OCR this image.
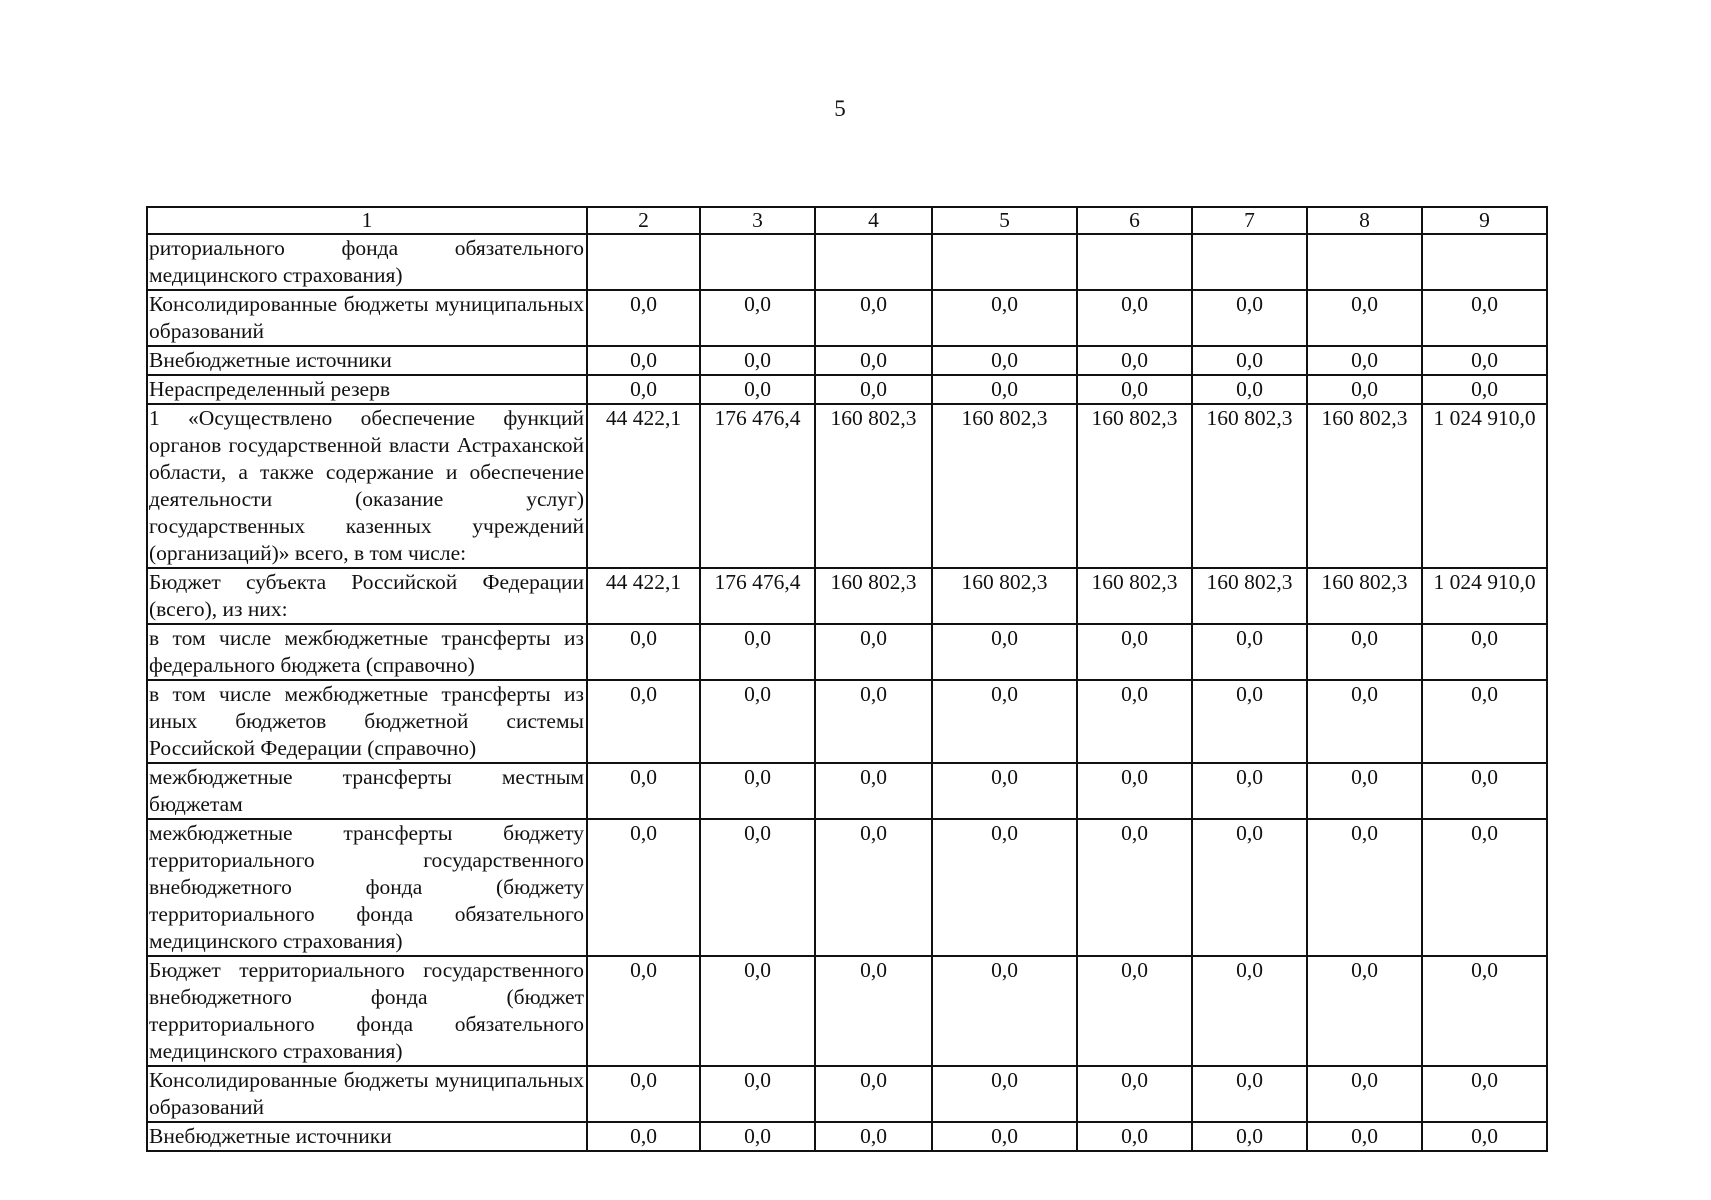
5
1	2	3	4	5	6	7	8	9
риториального фонда обязательного медицинского страхования)								
Консолидированные бюджеты муниципальных образований	0,0	0,0	0,0	0,0	0,0	0,0	0,0	0,0
Внебюджетные источники	0,0	0,0	0,0	0,0	0,0	0,0	0,0	0,0
Нераспределенный резерв	0,0	0,0	0,0	0,0	0,0	0,0	0,0	0,0
1 «Осуществлено обеспечение функций органов государственной власти Астраханской области, а также содержание и обеспечение деятельности (оказание услуг) государственных казенных учреждений (организаций)» всего, в том числе:	44 422,1	176 476,4	160 802,3	160 802,3	160 802,3	160 802,3	160 802,3	1 024 910,0
Бюджет субъекта Российской Федерации (всего), из них:	44 422,1	176 476,4	160 802,3	160 802,3	160 802,3	160 802,3	160 802,3	1 024 910,0
в том числе межбюджетные трансферты из федерального бюджета (справочно)	0,0	0,0	0,0	0,0	0,0	0,0	0,0	0,0
в том числе межбюджетные трансферты из иных бюджетов бюджетной системы Российской Федерации (справочно)	0,0	0,0	0,0	0,0	0,0	0,0	0,0	0,0
межбюджетные трансферты местным бюджетам	0,0	0,0	0,0	0,0	0,0	0,0	0,0	0,0
межбюджетные трансферты бюджету территориального государственного внебюджетного фонда (бюджету территориального фонда обязательного медицинского страхования)	0,0	0,0	0,0	0,0	0,0	0,0	0,0	0,0
Бюджет территориального государственного внебюджетного фонда (бюджет территориального фонда обязательного медицинского страхования)	0,0	0,0	0,0	0,0	0,0	0,0	0,0	0,0
Консолидированные бюджеты муниципальных образований	0,0	0,0	0,0	0,0	0,0	0,0	0,0	0,0
Внебюджетные источники	0,0	0,0	0,0	0,0	0,0	0,0	0,0	0,0
